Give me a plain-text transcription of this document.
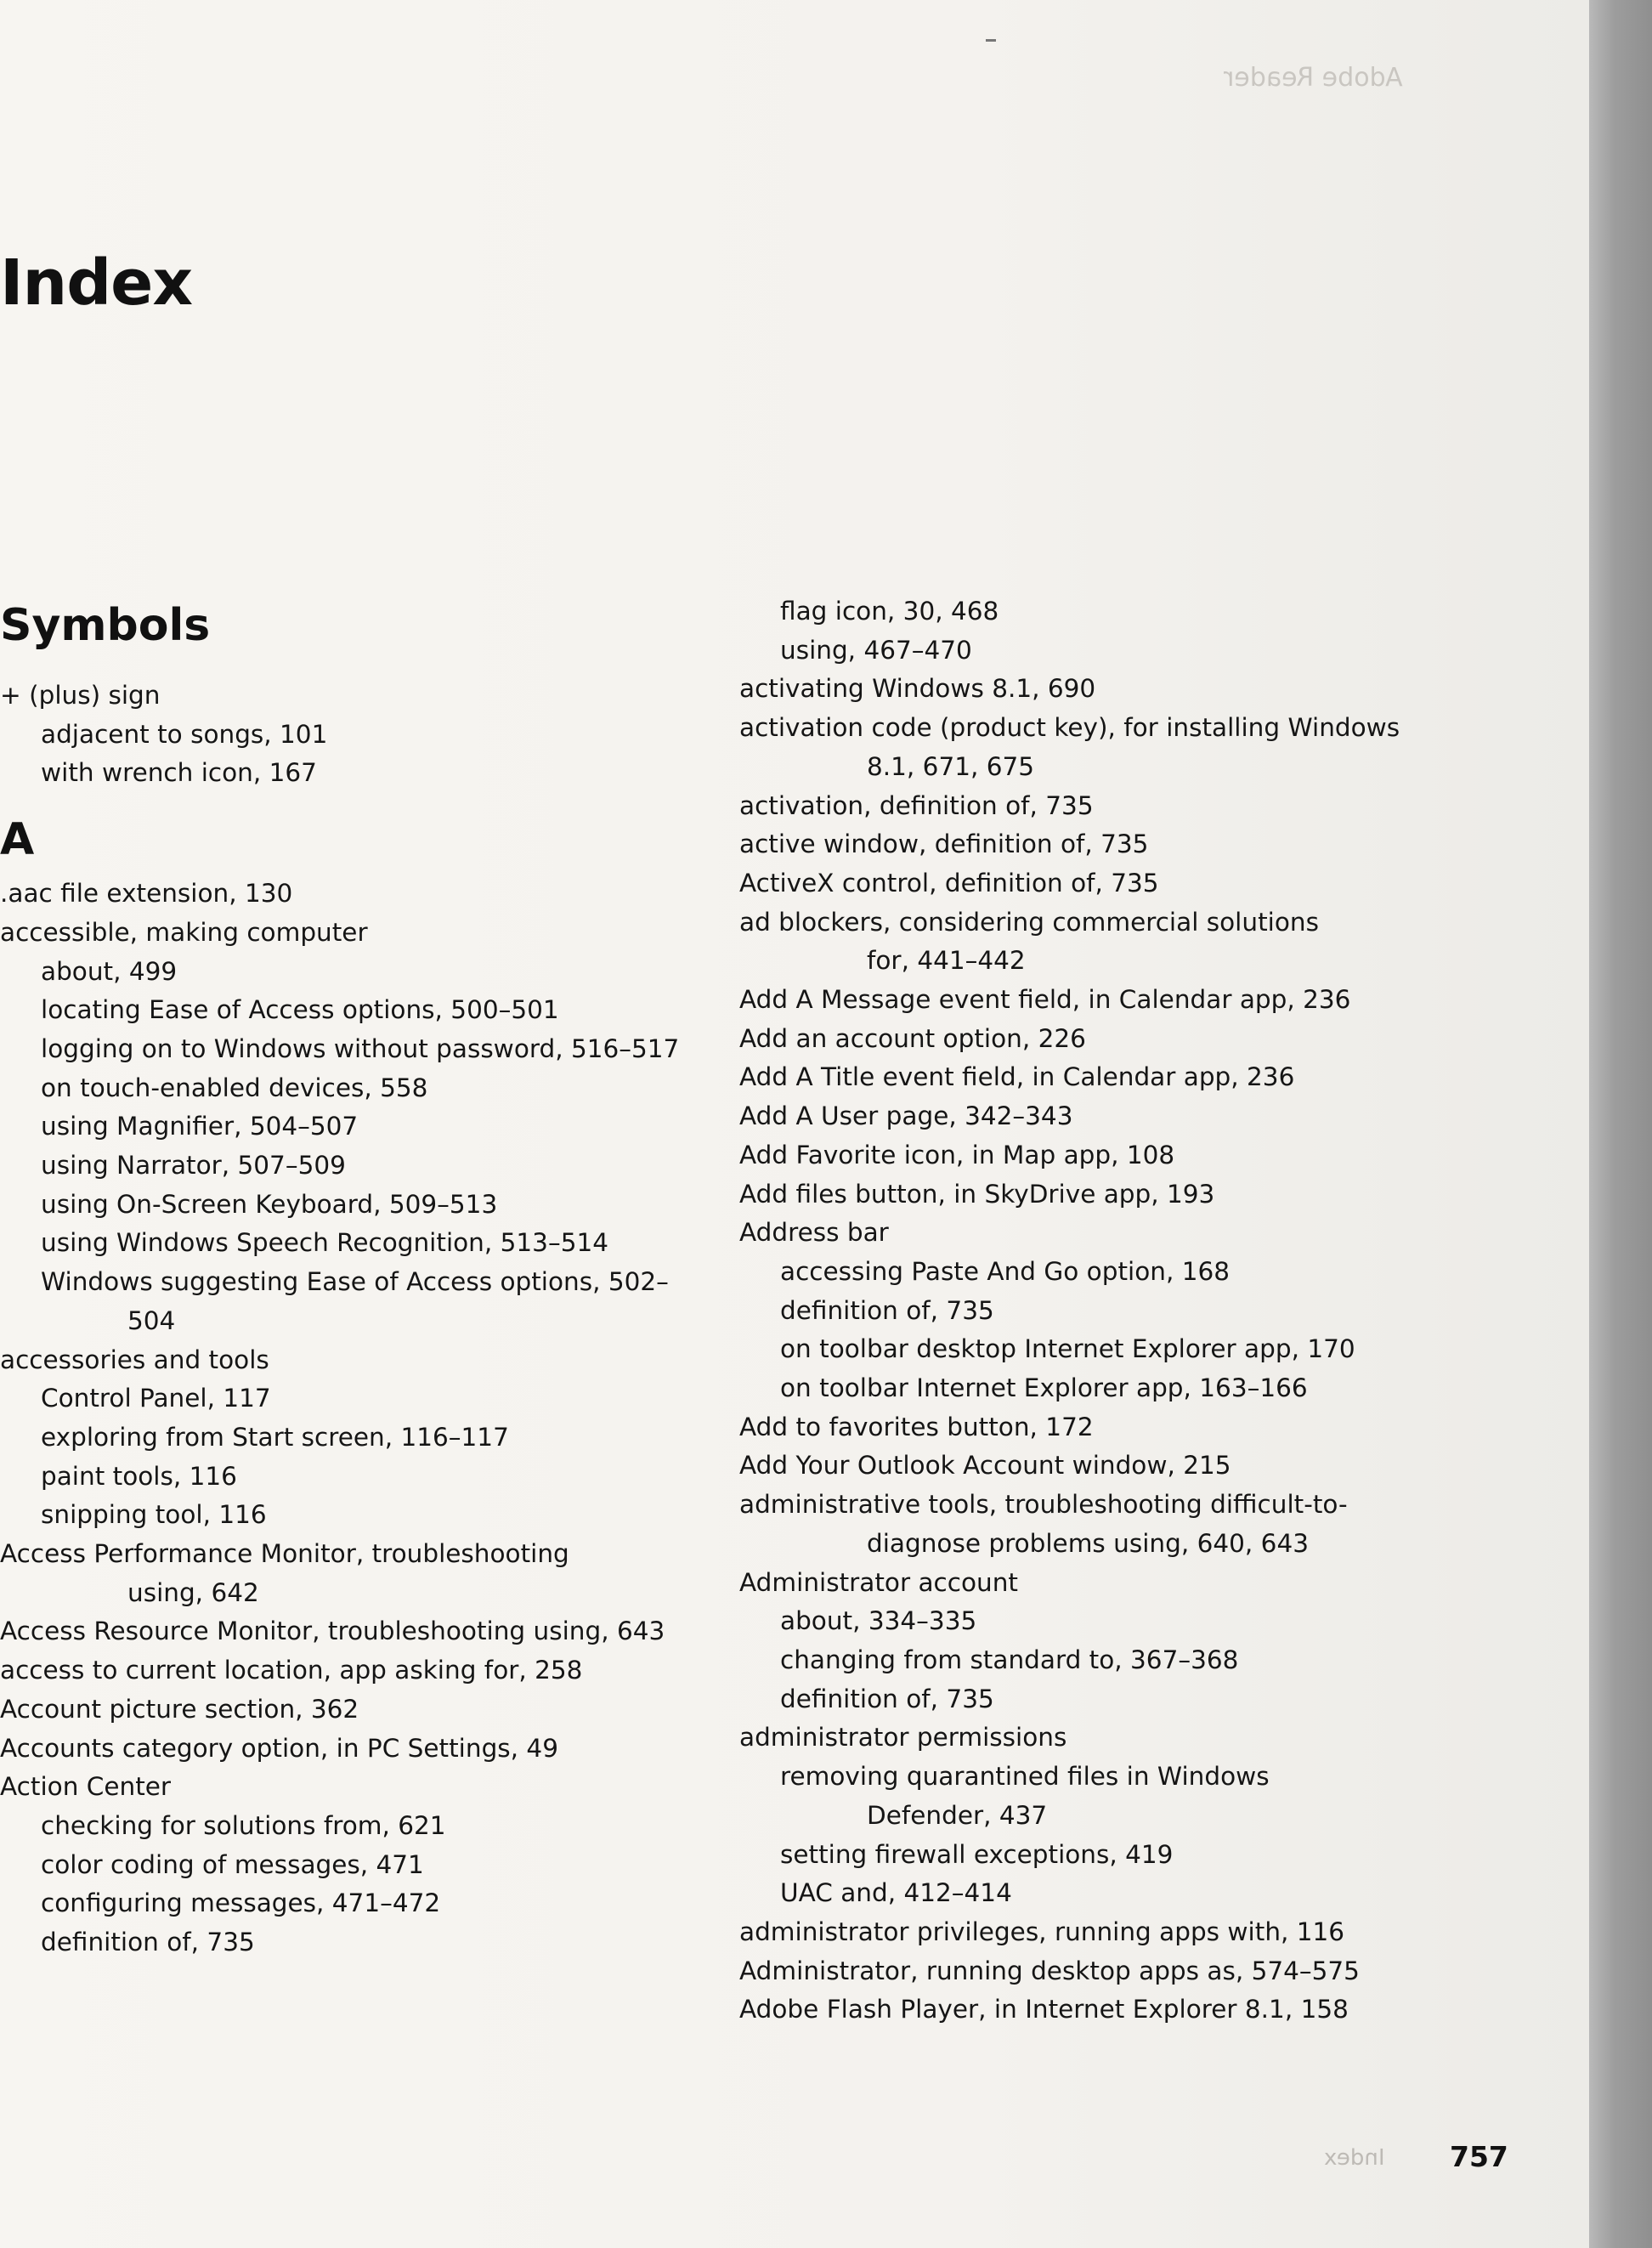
Adobe Reader
Index
Symbols
+ (plus) sign
adjacent to songs, 101
with wrench icon, 167
A
.aac file extension, 130
accessible, making computer
about, 499
locating Ease of Access options, 500–501
logging on to Windows without password, 516–517
on touch-enabled devices, 558
using Magnifier, 504–507
using Narrator, 507–509
using On-Screen Keyboard, 509–513
using Windows Speech Recognition, 513–514
Windows suggesting Ease of Access options, 502–
504
accessories and tools
Control Panel, 117
exploring from Start screen, 116–117
paint tools, 116
snipping tool, 116
Access Performance Monitor, troubleshooting
using, 642
Access Resource Monitor, troubleshooting using, 643
access to current location, app asking for, 258
Account picture section, 362
Accounts category option, in PC Settings, 49
Action Center
checking for solutions from, 621
color coding of messages, 471
configuring messages, 471–472
definition of, 735
flag icon, 30, 468
using, 467–470
activating Windows 8.1, 690
activation code (product key), for installing Windows
8.1, 671, 675
activation, definition of, 735
active window, definition of, 735
ActiveX control, definition of, 735
ad blockers, considering commercial solutions
for, 441–442
Add A Message event field, in Calendar app, 236
Add an account option, 226
Add A Title event field, in Calendar app, 236
Add A User page, 342–343
Add Favorite icon, in Map app, 108
Add files button, in SkyDrive app, 193
Address bar
accessing Paste And Go option, 168
definition of, 735
on toolbar desktop Internet Explorer app, 170
on toolbar Internet Explorer app, 163–166
Add to favorites button, 172
Add Your Outlook Account window, 215
administrative tools, troubleshooting difficult-to-
diagnose problems using, 640, 643
Administrator account
about, 334–335
changing from standard to, 367–368
definition of, 735
administrator permissions
removing quarantined files in Windows
Defender, 437
setting firewall exceptions, 419
UAC and, 412–414
administrator privileges, running apps with, 116
Administrator, running desktop apps as, 574–575
Adobe Flash Player, in Internet Explorer 8.1, 158
Index 757
